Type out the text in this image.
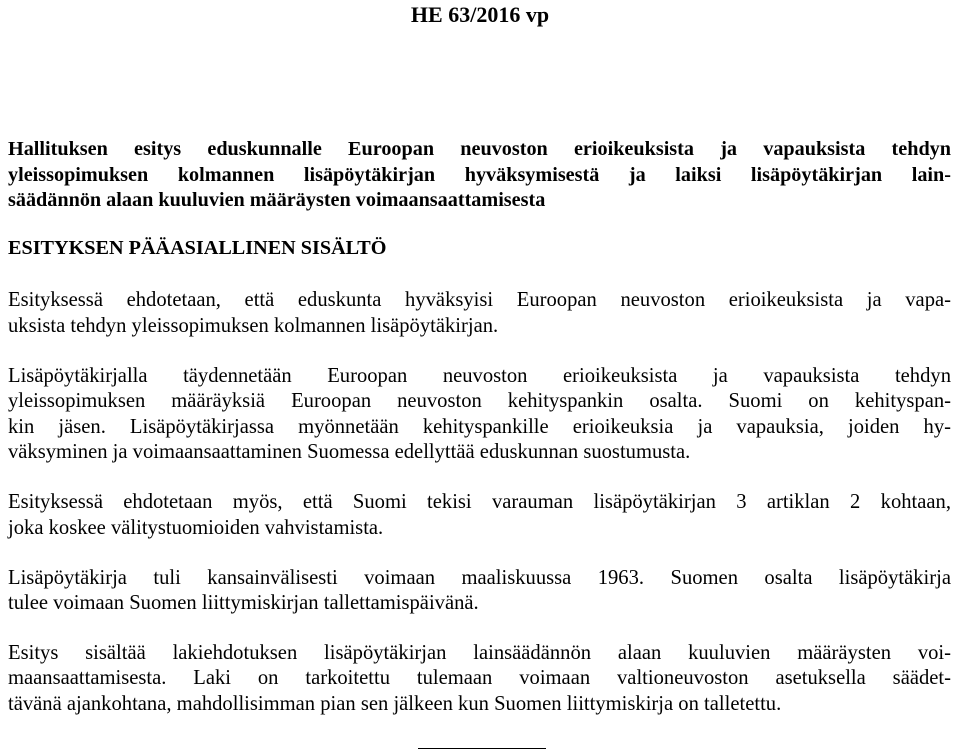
HE 63/2016 vp
Hallituksen esitys eduskunnalle Euroopan neuvoston erioikeuksista ja vapauksista tehdyn
yleissopimuksen kolmannen lisäpöytäkirjan hyväksymisestä ja laiksi lisäpöytäkirjan lain-
säädännön alaan kuuluvien määräysten voimaansaattamisesta
ESITYKSEN PÄÄASIALLINEN SISÄLTÖ
Esityksessä ehdotetaan, että eduskunta hyväksyisi Euroopan neuvoston erioikeuksista ja vapa-
uksista tehdyn yleissopimuksen kolmannen lisäpöytäkirjan.
Lisäpöytäkirjalla täydennetään Euroopan neuvoston erioikeuksista ja vapauksista tehdyn
yleissopimuksen määräyksiä Euroopan neuvoston kehityspankin osalta. Suomi on kehityspan-
kin jäsen. Lisäpöytäkirjassa myönnetään kehityspankille erioikeuksia ja vapauksia, joiden hy-
väksyminen ja voimaansaattaminen Suomessa edellyttää eduskunnan suostumusta.
Esityksessä ehdotetaan myös, että Suomi tekisi varauman lisäpöytäkirjan 3 artiklan 2 kohtaan,
joka koskee välitystuomioiden vahvistamista.
Lisäpöytäkirja tuli kansainvälisesti voimaan maaliskuussa 1963. Suomen osalta lisäpöytäkirja
tulee voimaan Suomen liittymiskirjan tallettamispäivänä.
Esitys sisältää lakiehdotuksen lisäpöytäkirjan lainsäädännön alaan kuuluvien määräysten voi-
maansaattamisesta. Laki on tarkoitettu tulemaan voimaan valtioneuvoston asetuksella säädet-
tävänä ajankohtana, mahdollisimman pian sen jälkeen kun Suomen liittymiskirja on talletettu.
